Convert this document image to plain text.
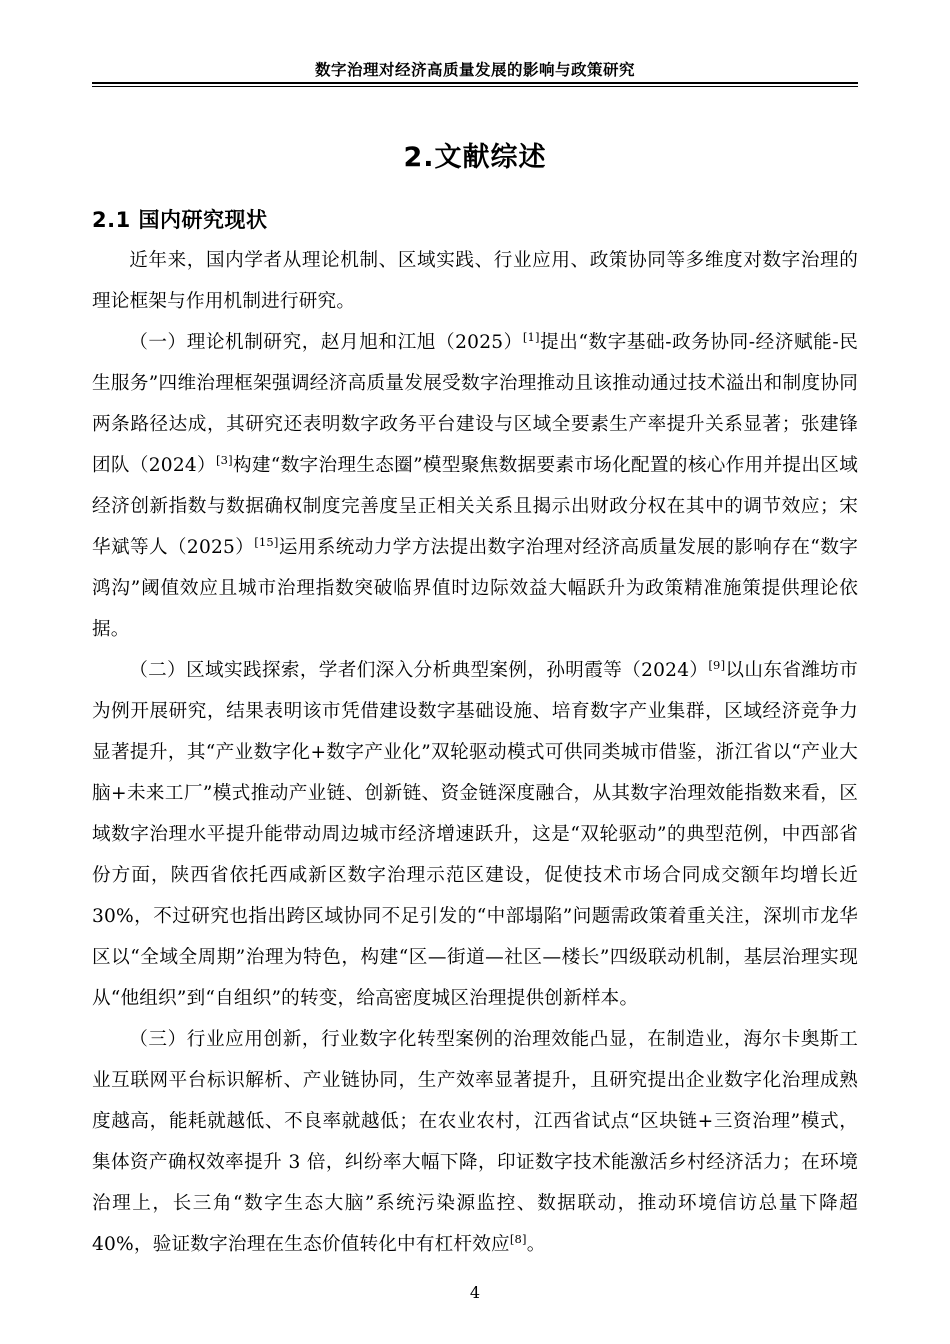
数字治理对经济高质量发展的影响与政策研究
2.文献综述
2.1 国内研究现状

近年来，国内学者从理论机制、区域实践、行业应用、政策协同等多维度对数字治理的理论框架与作用机制进行研究。

（一）理论机制研究，赵月旭和江旭（2025）[1]提出“数字基础-政务协同-经济赋能-民生服务”四维治理框架强调经济高质量发展受数字治理推动且该推动通过技术溢出和制度协同两条路径达成，其研究还表明数字政务平台建设与区域全要素生产率提升关系显著；张建锋团队（2024）[3]构建“数字治理生态圈”模型聚焦数据要素市场化配置的核心作用并提出区域经济创新指数与数据确权制度完善度呈正相关关系且揭示出财政分权在其中的调节效应；宋华斌等人（2025）[15]运用系统动力学方法提出数字治理对经济高质量发展的影响存在“数字鸿沟”阈值效应且城市治理指数突破临界值时边际效益大幅跃升为政策精准施策提供理论依据。

（二）区域实践探索，学者们深入分析典型案例，孙明霞等（2024）[9]以山东省潍坊市为例开展研究，结果表明该市凭借建设数字基础设施、培育数字产业集群，区域经济竞争力显著提升，其“产业数字化+数字产业化”双轮驱动模式可供同类城市借鉴，浙江省以“产业大脑+未来工厂”模式推动产业链、创新链、资金链深度融合，从其数字治理效能指数来看，区域数字治理水平提升能带动周边城市经济增速跃升，这是“双轮驱动”的典型范例，中西部省份方面，陕西省依托西咸新区数字治理示范区建设，促使技术市场合同成交额年均增长近 30%，不过研究也指出跨区域协同不足引发的“中部塌陷”问题需政策着重关注，深圳市龙华区以“全域全周期”治理为特色，构建“区—街道—社区—楼长”四级联动机制，基层治理实现从“他组织”到“自组织”的转变，给高密度城区治理提供创新样本。

（三）行业应用创新，行业数字化转型案例的治理效能凸显，在制造业，海尔卡奥斯工业互联网平台标识解析、产业链协同，生产效率显著提升，且研究提出企业数字化治理成熟度越高，能耗就越低、不良率就越低；在农业农村，江西省试点“区块链+三资治理”模式，集体资产确权效率提升 3 倍，纠纷率大幅下降，印证数字技术能激活乡村经济活力；在环境治理上，长三角“数字生态大脑”系统污染源监控、数据联动，推动环境信访总量下降超 40%，验证数字治理在生态价值转化中有杠杆效应[8]。

4
